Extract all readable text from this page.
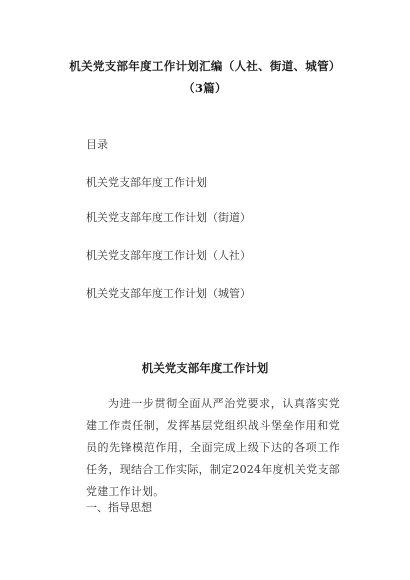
机关党支部年度工作计划汇编（人社、街道、城管）
（3篇）
目录
机关党支部年度工作计划
机关党支部年度工作计划（街道）
机关党支部年度工作计划（人社）
机关党支部年度工作计划（城管）
机关党支部年度工作计划

为进一步贯彻全面从严治党要求，认真落实党建工作责任制，发挥基层党组织战斗堡垒作用和党员的先锋模范作用，全面完成上级下达的各项工作任务，现结合工作实际，制定2024年度机关党支部党建工作计划。

一、指导思想
